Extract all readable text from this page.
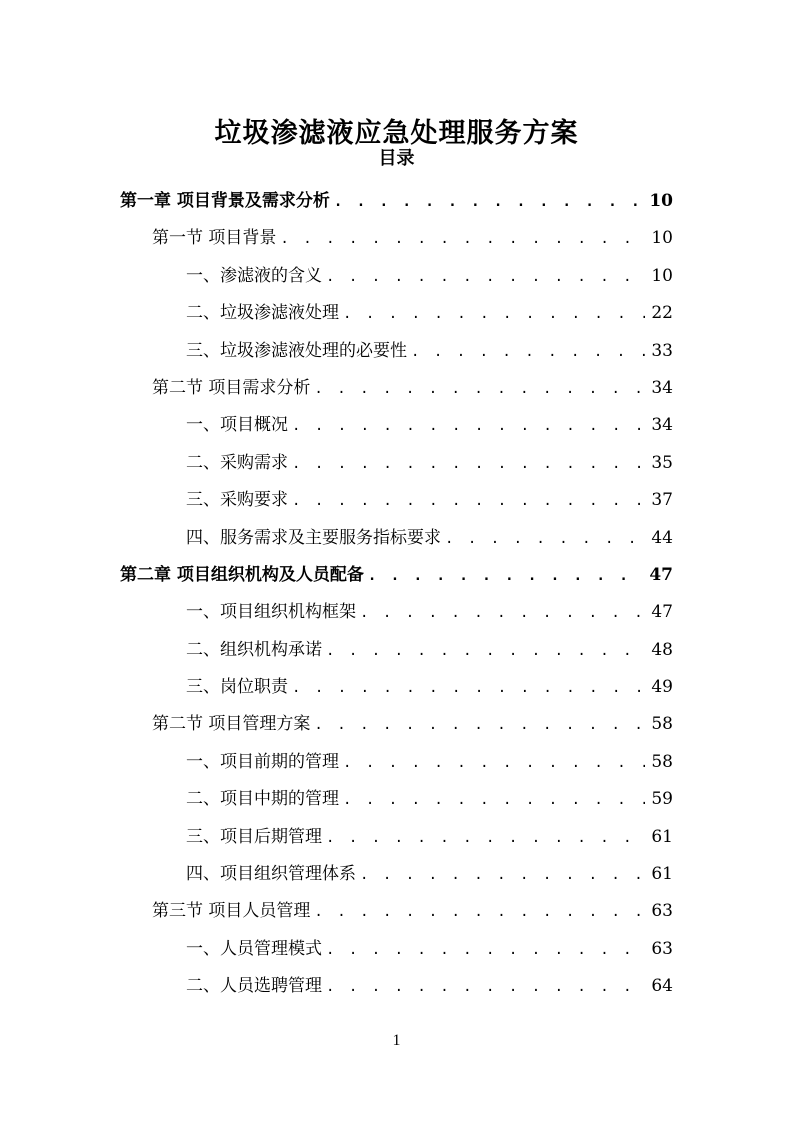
垃圾渗滤液应急处理服务方案
目录
第一章 项目背景及需求分析 . . .	10
第一节 项目背景 . . .	10
一、渗滤液的含义 . . .	10
二、垃圾渗滤液处理 . . .	22
三、垃圾渗滤液处理的必要性 . . .	33
第二节 项目需求分析 . . .	34
一、项目概况 . . .	34
二、采购需求 . . .	35
三、采购要求 . . .	37
四、服务需求及主要服务指标要求 . . .	44
第二章 项目组织机构及人员配备 . . .	47
一、项目组织机构框架 . . .	47
二、组织机构承诺 . . .	48
三、岗位职责 . . .	49
第二节 项目管理方案 . . .	58
一、项目前期的管理 . . .	58
二、项目中期的管理 . . .	59
三、项目后期管理 . . .	61
四、项目组织管理体系 . . .	61
第三节 项目人员管理 . . .	63
一、人员管理模式 . . .	63
二、人员选聘管理 . . .	64
1
